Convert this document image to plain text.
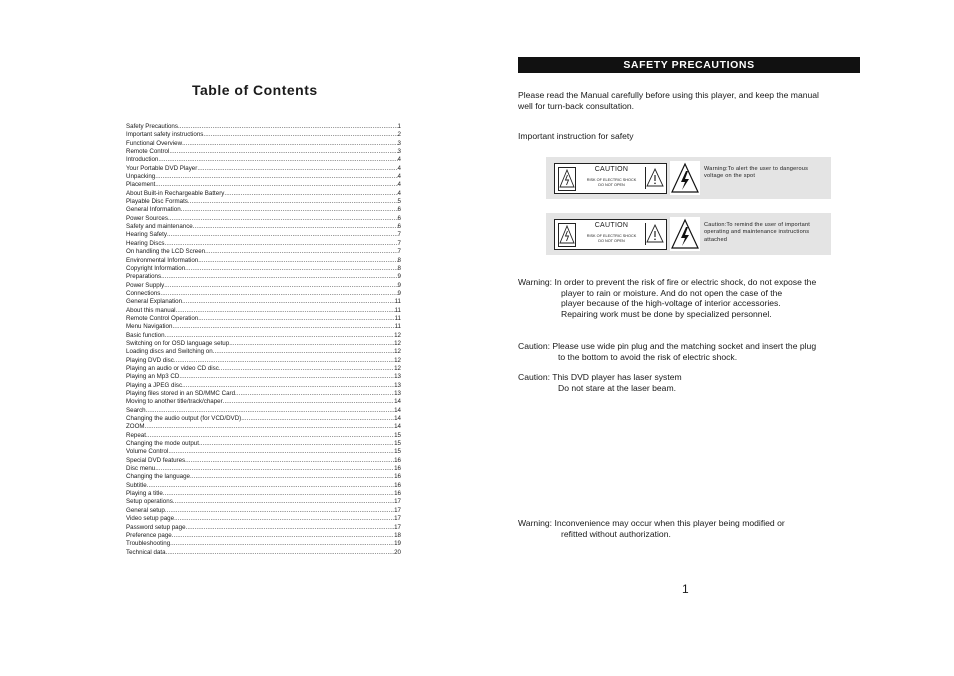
Table of Contents
Safety Precautions .....	1
Important safety instructions .....	2
Functional Overview .....	3
Remote Control .....	3
Introduction .....	4
Your Portable DVD Player .....	4
Unpacking .....	4
Placement .....	4
About Built-in Rechargeable Battery .....	4
Playable Disc Formats .....	5
General Information .....	6
Power Sources .....	6
Safety and maintenance .....	6
Hearing Safety .....	7
Hearing Discs .....	7
On handling the LCD Screen .....	7
Environmental Information .....	8
Copyright Information .....	8
Preparations .....	9
Power Supply .....	9
Connections .....	9
General Explanation .....	11
About this manual .....	11
Remote Control Operation .....	11
Menu Navigation .....	11
Basic function .....	12
Switching on for OSD language setup .....	12
Loading discs and Switching on .....	12
Playing DVD disc .....	12
Playing an audio or video CD disc .....	12
Playing an Mp3 CD .....	13
Playing a JPEG disc .....	13
Playing files stored in an SD/MMC Card .....	13
Moving to another title/track/chaper .....	14
Search .....	14
Changing the audio output (for VCD/DVD) .....	14
ZOOM .....	14
Repeat .....	15
Changing the mode output .....	15
Volume Control .....	15
Special DVD features .....	16
Disc menu .....	16
Changing the language .....	16
Subtitle .....	16
Playing a title .....	16
Setup operations .....	17
General setup .....	17
Video setup page .....	17
Password setup page .....	17
Preference page .....	18
Troubleshooting .....	19
Technical data .....	20
SAFETY PRECAUTIONS
Please read the Manual carefully before using this player, and keep the manual
well for turn-back consultation.
Important instruction for safety
CAUTION
RISK OF ELECTRIC SHOCK
DO NOT OPEN
Warning:To alert the user to dangerous voltage on the spot
CAUTION
RISK OF ELECTRIC SHOCK
DO NOT OPEN
Caution:To remind the user of important operating and maintenance instructions attached
Warning: In order to prevent the risk of fire or electric shock, do not expose the
player to rain or moisture. And do not open the case of the
player because of the high-voltage of interior accessories.
Repairing work must be done by specialized personnel.
Caution: Please use wide pin plug and the matching socket and insert the plug
to the bottom to avoid the risk of electric shock.
Caution: This DVD player has laser system
Do not stare at the laser beam.
Warning: Inconvenience may occur when this player being modified or
refitted without authorization.
1
